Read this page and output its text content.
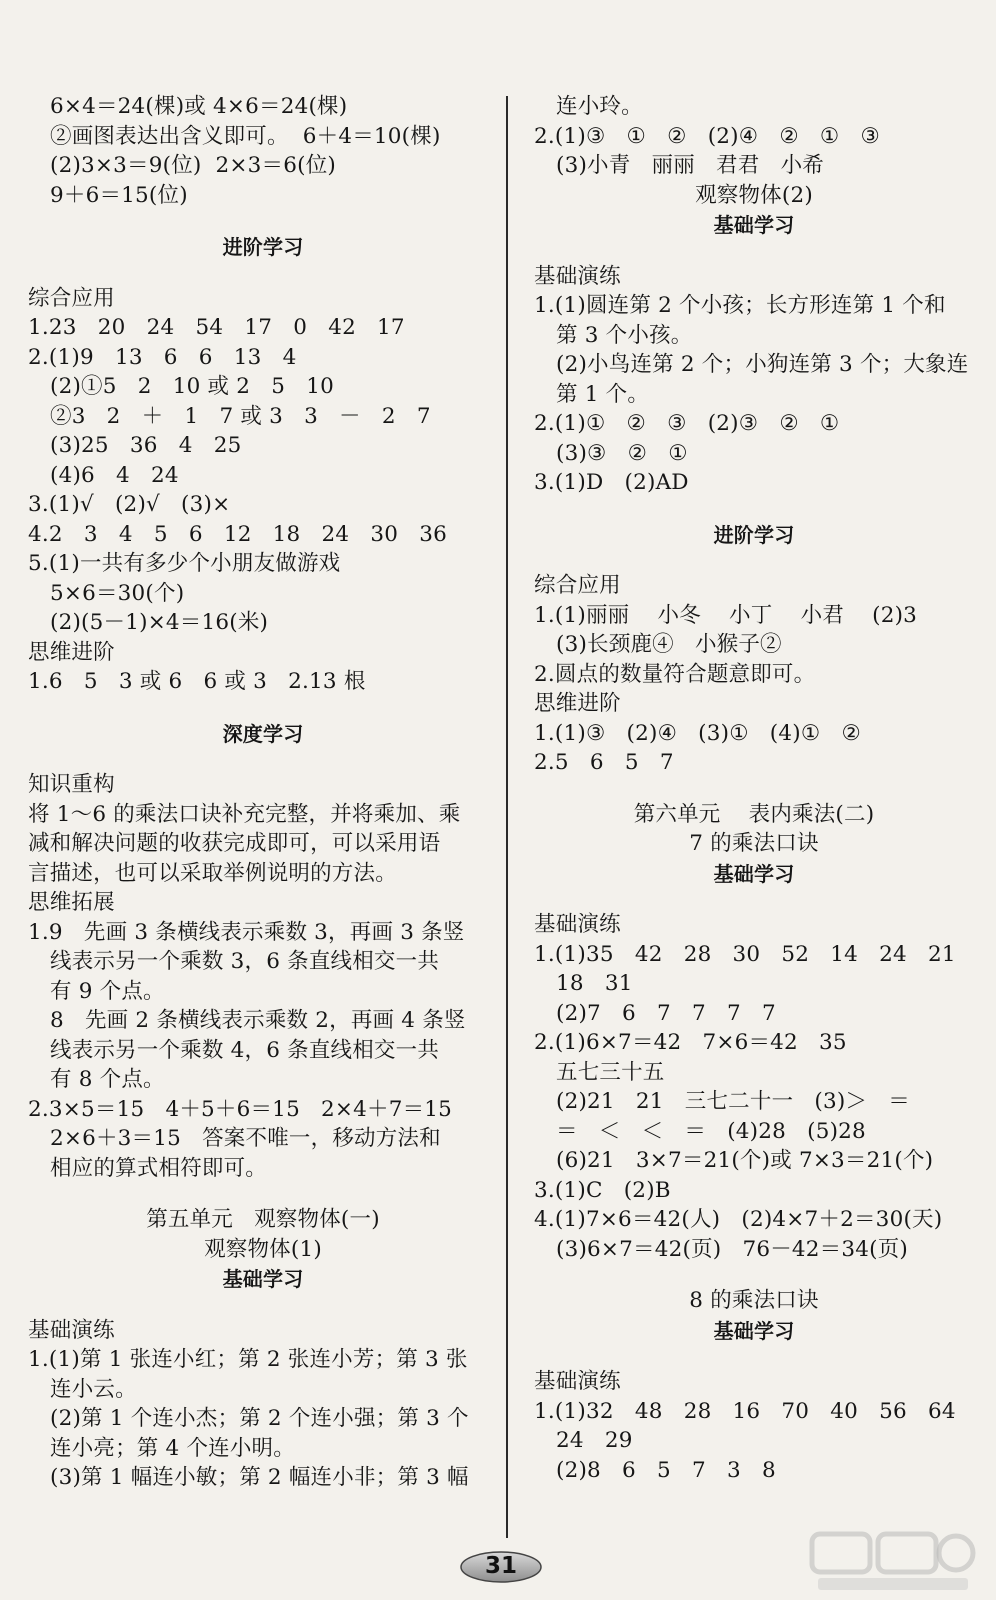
6×4＝24(棵)或 4×6＝24(棵)
②画图表达出含义即可。  6＋4＝10(棵)
(2)3×3＝9(位)  2×3＝6(位)
9＋6＝15(位)
进阶学习
综合应用
1.23   20   24   54   17   0   42   17
2.(1)9   13   6   6   13   4
(2)①5   2   10 或 2   5   10
②3   2   ＋   1   7 或 3   3   －   2   7
(3)25   36   4   25
(4)6   4   24
3.(1)√   (2)√   (3)×
4.2   3   4   5   6   12   18   24   30   36
5.(1)一共有多少个小朋友做游戏
5×6＝30(个)
(2)(5－1)×4＝16(米)
思维进阶
1.6   5   3 或 6   6 或 3   2.13 根
深度学习
知识重构
将 1～6 的乘法口诀补充完整，并将乘加、乘
减和解决问题的收获完成即可，可以采用语
言描述，也可以采取举例说明的方法。
思维拓展
1.9   先画 3 条横线表示乘数 3，再画 3 条竖
线表示另一个乘数 3，6 条直线相交一共
有 9 个点。
8   先画 2 条横线表示乘数 2，再画 4 条竖
线表示另一个乘数 4，6 条直线相交一共
有 8 个点。
2.3×5＝15   4＋5＋6＝15   2×4＋7＝15
2×6＋3＝15   答案不唯一，移动方法和
相应的算式相符即可。
第五单元   观察物体(一)
观察物体(1)
基础学习
基础演练
1.(1)第 1 张连小红；第 2 张连小芳；第 3 张
连小云。
(2)第 1 个连小杰；第 2 个连小强；第 3 个
连小亮；第 4 个连小明。
(3)第 1 幅连小敏；第 2 幅连小非；第 3 幅
连小玲。
2.(1)③   ①   ②   (2)④   ②   ①   ③
(3)小青   丽丽   君君   小希
观察物体(2)
基础学习
基础演练
1.(1)圆连第 2 个小孩；长方形连第 1 个和
第 3 个小孩。
(2)小鸟连第 2 个；小狗连第 3 个；大象连
第 1 个。
2.(1)①   ②   ③   (2)③   ②   ①
(3)③   ②   ①
3.(1)D   (2)AD
进阶学习
综合应用
1.(1)丽丽    小冬    小丁    小君    (2)3
(3)长颈鹿④   小猴子②
2.圆点的数量符合题意即可。
思维进阶
1.(1)③   (2)④   (3)①   (4)①   ②
2.5   6   5   7
第六单元    表内乘法(二)
7 的乘法口诀
基础学习
基础演练
1.(1)35   42   28   30   52   14   24   21
18   31
(2)7   6   7   7   7   7
2.(1)6×7＝42   7×6＝42   35
五七三十五
(2)21   21   三七二十一   (3)＞   ＝
＝   ＜   ＜   ＝   (4)28   (5)28
(6)21   3×7＝21(个)或 7×3＝21(个)
3.(1)C   (2)B
4.(1)7×6＝42(人)   (2)4×7＋2＝30(天)
(3)6×7＝42(页)   76－42＝34(页)
8 的乘法口诀
基础学习
基础演练
1.(1)32   48   28   16   70   40   56   64
24   29
(2)8   6   5   7   3   8
31
